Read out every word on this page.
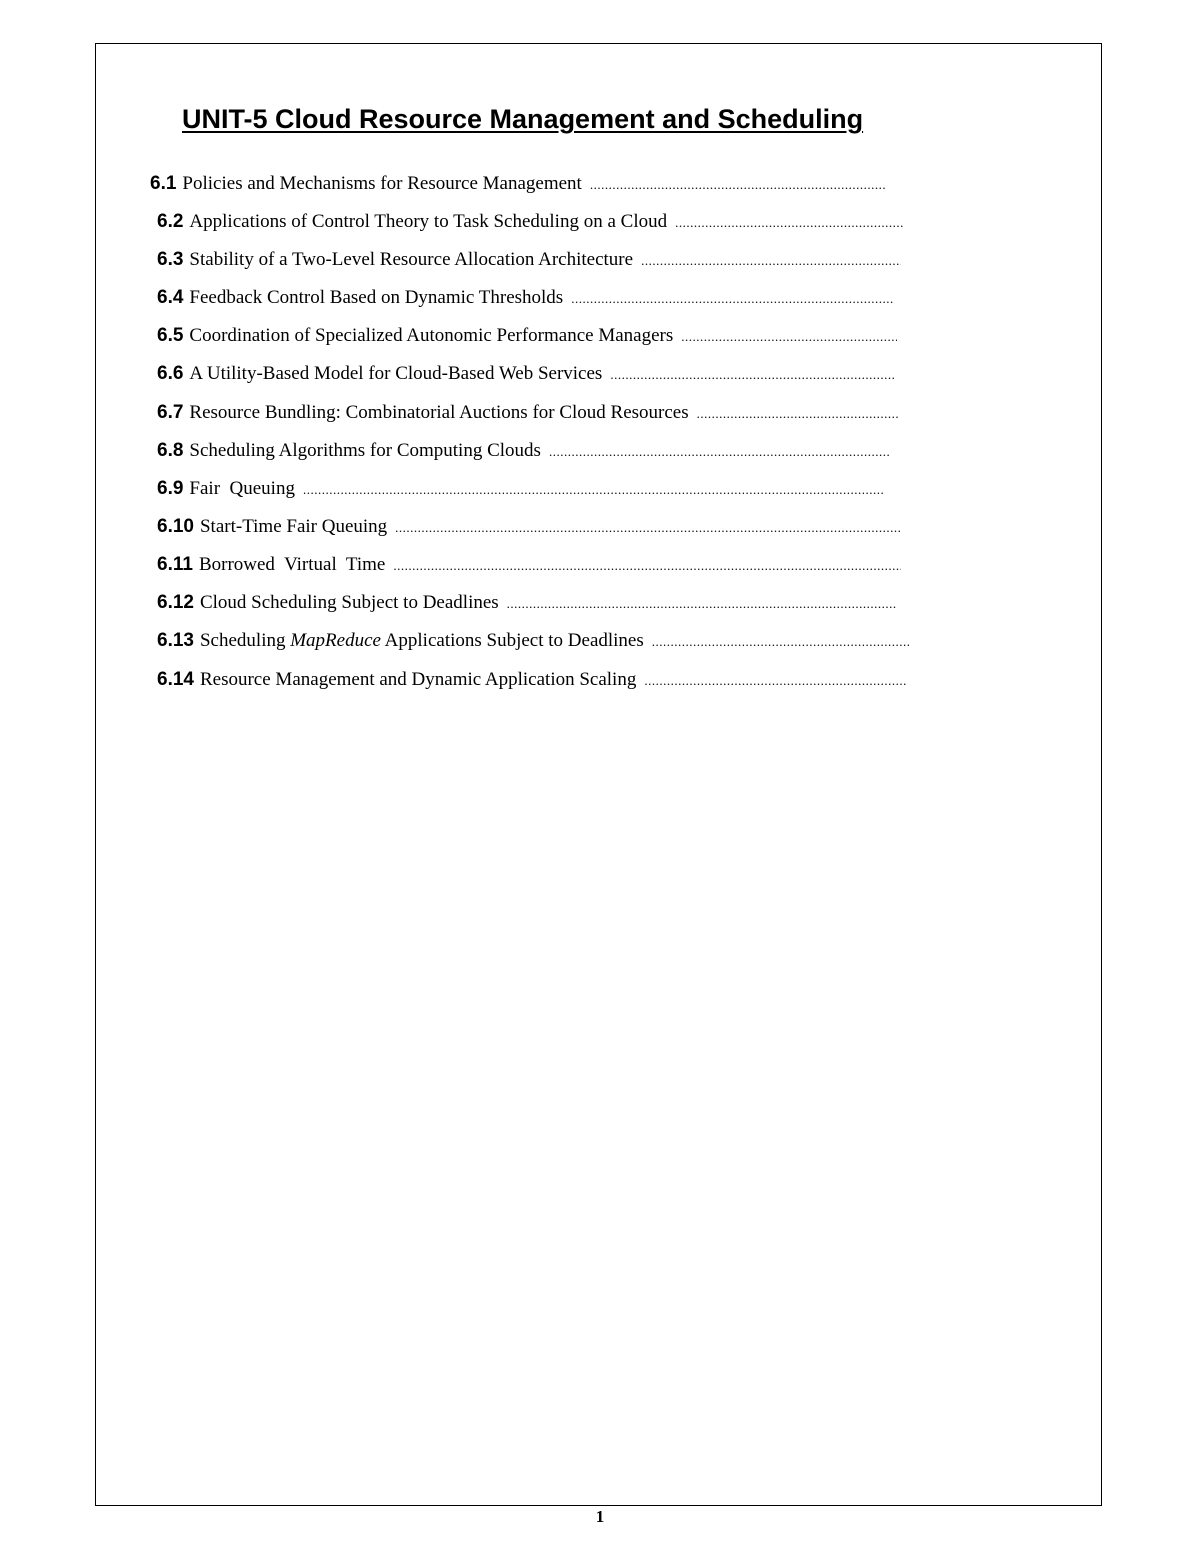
UNIT-5 Cloud Resource Management and Scheduling
6.1 Policies and Mechanisms for Resource Management
.....
6.2 Applications of Control Theory to Task Scheduling on a Cloud
.....
6.3 Stability of a Two-Level Resource Allocation Architecture
.....
6.4 Feedback Control Based on Dynamic Thresholds
.....
6.5 Coordination of Specialized Autonomic Performance Managers
.....
6.6 A Utility-Based Model for Cloud-Based Web Services
.....
6.7 Resource Bundling: Combinatorial Auctions for Cloud Resources
.....
6.8 Scheduling Algorithms for Computing Clouds
.....
6.9 Fair  Queuing
.....
6.10 Start-Time Fair Queuing
.....
6.11 Borrowed  Virtual  Time
.....
6.12 Cloud Scheduling Subject to Deadlines
.....
6.13 Scheduling MapReduce Applications Subject to Deadlines
.....
6.14 Resource Management and Dynamic Application Scaling
.....
1
